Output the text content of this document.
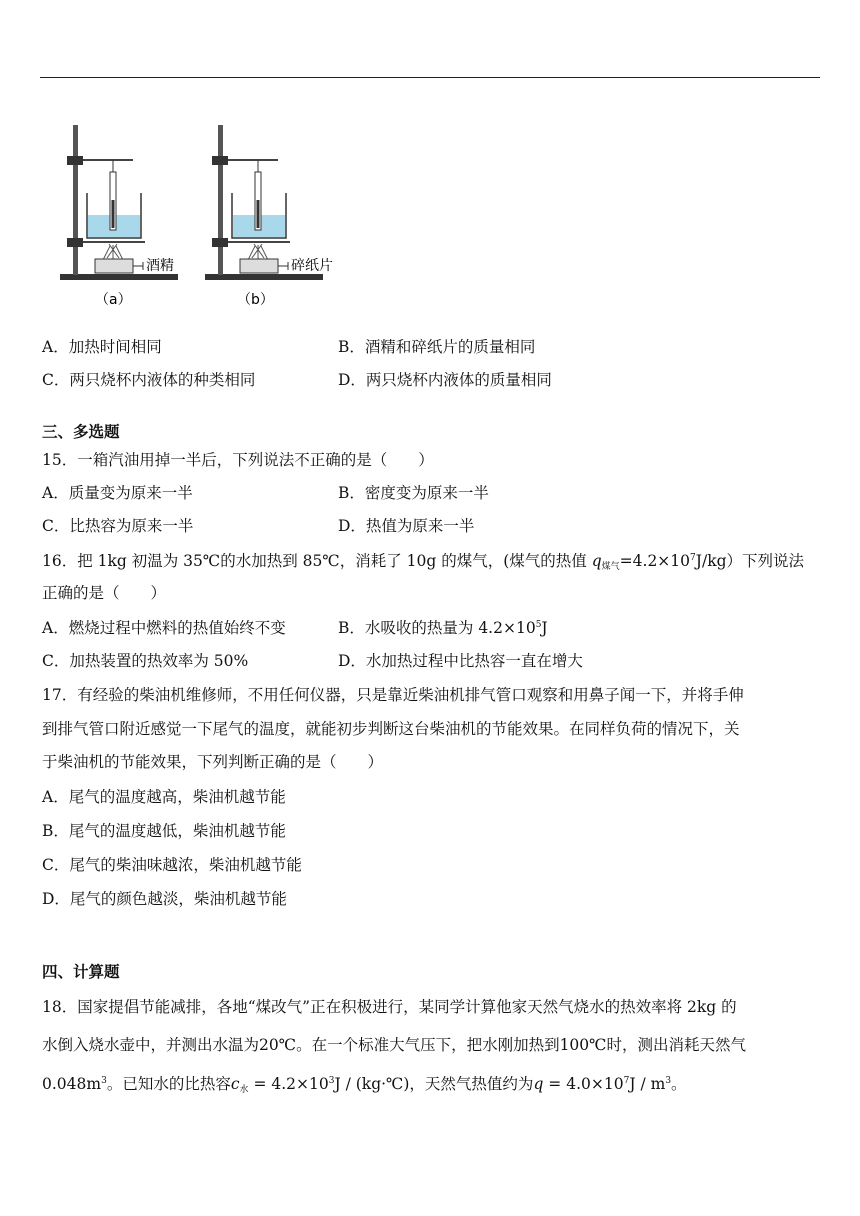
酒精	碎纸片
（a）	（b）
A．加热时间相同	B．酒精和碎纸片的质量相同
C．两只烧杯内液体的种类相同	D．两只烧杯内液体的质量相同
三、多选题
15．一箱汽油用掉一半后，下列说法不正确的是（　　）
A．质量变为原来一半	B．密度变为原来一半
C．比热容为原来一半	D．热值为原来一半
16．把 1kg 初温为 35℃的水加热到 85℃，消耗了 10g 的煤气，(煤气的热值 q煤气$=4.2\times 10^7J/kg$）下列说法
正确的是（　　）
A．燃烧过程中燃料的热值始终不变	B．水吸收的热量为 $4.2\times 10^5J$
C．加热装置的热效率为 50%	D．水加热过程中比热容一直在增大
17．有经验的柴油机维修师，不用任何仪器，只是靠近柴油机排气管口观察和用鼻子闻一下，并将手伸
到排气管口附近感觉一下尾气的温度，就能初步判断这台柴油机的节能效果。在同样负荷的情况下，关
于柴油机的节能效果，下列判断正确的是（　　）
A．尾气的温度越高，柴油机越节能
B．尾气的温度越低，柴油机越节能
C．尾气的柴油味越浓，柴油机越节能
D．尾气的颜色越淡，柴油机越节能
四、计算题
18．国家提倡节能减排，各地“煤改气”正在积极进行，某同学计算他家天然气烧水的热效率将 2kg 的
水倒入烧水壶中，并测出水温为20℃。在一个标准大气压下，把水刚加热到100℃时，测出消耗天然气
$0.048m^3$。已知水的比热容c水 = $4.2\times 10^3J$ / (kg·℃)，天然气热值约为$q = 4.0\times 10^7J / m^3$。
